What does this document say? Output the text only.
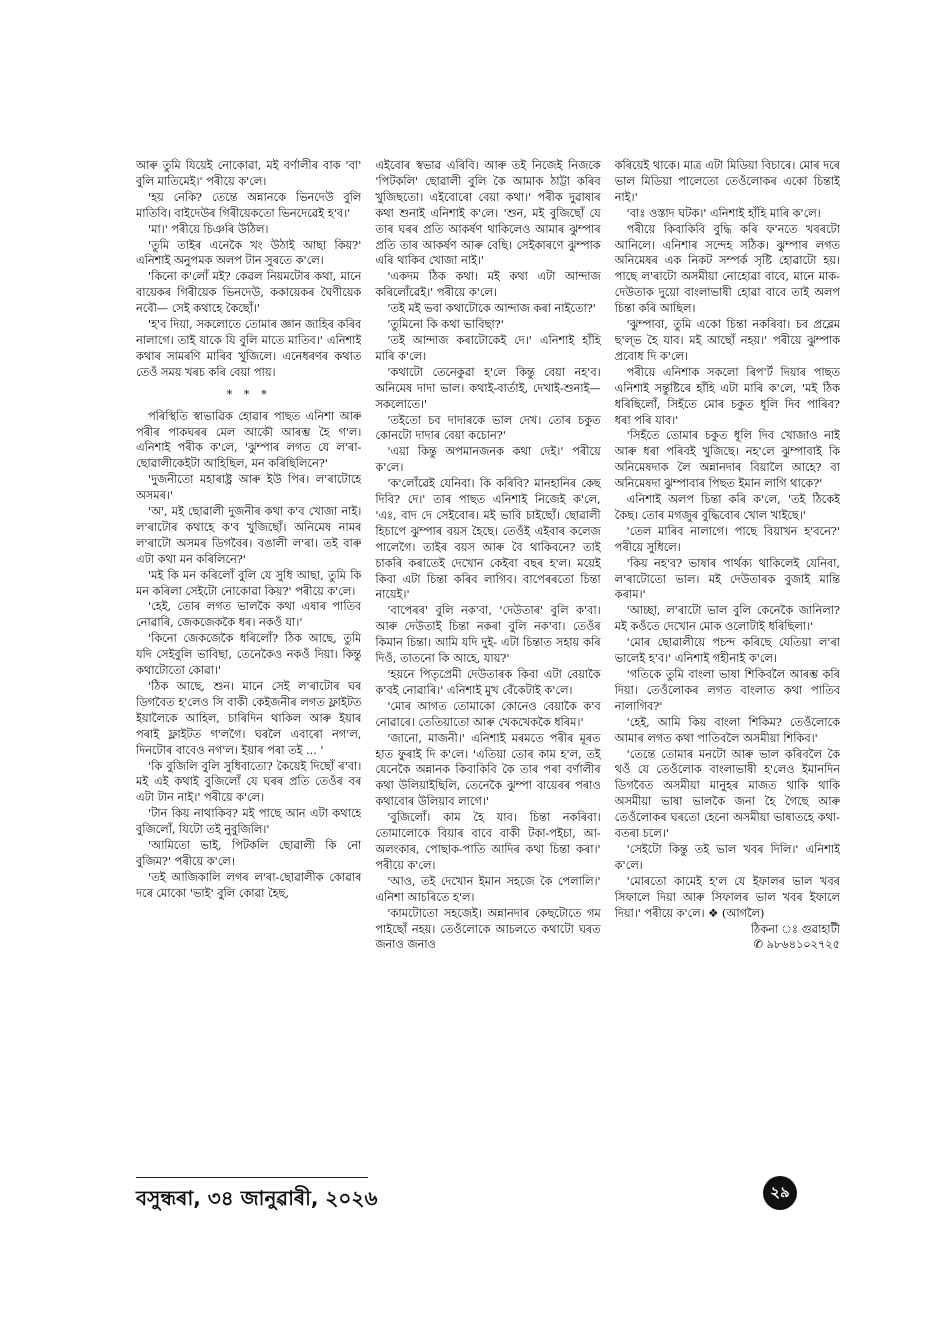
আৰু তুমি যিয়েই নোকোৱা, মই বৰ্ণালীৰ বাক 'বা' বুলি মাতিমেই।' পৰীয়ে ক'লে।

'হয় নেকি? তেন্তে অন্নানকে ভিনদেউ বুলি মাতিবি। বাইদেউৰ গিৰীয়েকতো ভিনদেৱেই হ'ব।'

'মা।' পৰীয়ে চিঞৰি উঠিল।

'তুমি তাইৰ এনেকৈ খং উঠাই আছা কিয়?' এনিশাই অনুপমক অলপ টান সুৰতে ক'লে।

'কিনো ক'লোঁ মই? কেৱল নিয়মটোৰ কথা, মানে বায়েকৰ গিৰীয়েক ভিনদেউ, ককায়েকৰ ঘৈণীয়েক নবৌ— সেই কথাহে কৈছোঁ।'

'হ'ব দিয়া, সকলোতে তোমাৰ জ্ঞান জাহিৰ কৰিব নালাগে। তাই যাকে যি বুলি মাতে মাতিব।' এনিশাই কথাৰ সামৰণি মাৰিব খুজিলে। এনেধৰণৰ কথাত তেওঁ সময় খৰচ কৰি বেয়া পায়।

* * *

পৰিস্থিতি স্বাভাৱিক হোৱাৰ পাছত এনিশা আৰু পৰীৰ পাকঘৰৰ মেল আকৌ আৰম্ভ হৈ গ'ল। এনিশাই পৰীক ক'লে, 'ঝুম্পাৰ লগত যে ল'ৰা-ছোৱালীকেইটা আহিছিল, মন কৰিছিলিনে?'

'দুজনীতো মহাৰাষ্ট্ৰ আৰু ইউ পিৰ। ল'ৰাটোহে অসমৰ।'

'অ', মই ছোৱালী দুজনীৰ কথা ক'ব খোজা নাই। ল'ৰাটোৰ কথাহে ক'ব খুজিছোঁ। অনিমেষ নামৰ ল'ৰাটো অসমৰ ডিগবৈৰ। বঙালী ল'ৰা। তই বাৰু এটা কথা মন কৰিলিনে?'

'মই কি মন কৰিলোঁ বুলি যে সুধি আছা, তুমি কি মন কৰিলা সেইটো নোকোৱা কিয়?' পৰীয়ে ক'লে।

'হেই, তোৰ লগত ভালকৈ কথা এষাৰ পাতিব নোৱাৰি, জেকজেককৈ ধৰ। নকওঁ যা।'

'কিনো জেকজেকৈ ধৰিলোঁ? ঠিক আছে, তুমি যদি সেইবুলি ভাবিছা, তেনেকৈও নকওঁ দিয়া। কিন্তু কথাটোতো কোৱা।'

'ঠিক আছে, শুন। মানে সেই ল'ৰাটোৰ ঘৰ ডিগবৈত হ'লেও সি বাকী কেইজনীৰ লগত ফ্লাইটত ইয়ালৈকে আহিল, চাৰিদিন থাকিল আৰু ইয়াৰ পৰাই ফ্লাইটত গ'লগৈ। ঘৰলৈ এবাৰো নগ'ল, দিনটোৰ বাবেও নগ'ল। ইয়াৰ পৰা তই ... '

'কি বুজিলি বুলি সুধিবাতো? কৈয়েই দিছোঁ ৰ'বা। মই এই কথাই বুজিলোঁ যে ঘৰৰ প্ৰতি তেওঁৰ বৰ এটা টান নাই।' পৰীয়ে ক'লে।

'টান কিয় নাথাকিব? মই পাছে আন এটা কথাহে বুজিলোঁ, যিটো তই নুবুজিলি।'

'আমিতো ভাই, পিটকলি ছোৱালী কি নো বুজিম?' পৰীয়ে ক'লে।

'তই আজিকালি লগৰ ল'ৰা-ছোৱালীক কোৱাৰ দৰে মোকো 'ভাই' বুলি কোৱা হৈছ,

এইবোৰ স্বভাৱ এৰিবি। আৰু তই নিজেই নিজকে 'পিটকলি' ছোৱালী বুলি কৈ আমাক ঠাট্টা কৰিব খুজিছতো। এইবোৰো বেয়া কথা।' পৰীক দুৱাষাৰ কথা শুনাই এনিশাই ক'লে। 'শুন, মই বুজিছোঁ যে তাৰ ঘৰৰ প্ৰতি আকৰ্ষণ থাকিলেও আমাৰ ঝুম্পাৰ প্ৰতি তাৰ আকৰ্ষণ আৰু বেছি। সেইকাৰণে ঝুম্পাক এৰি থাকিব খোজা নাই।'

'একদম ঠিক কথা। মই কথা এটা আন্দাজ কৰিলোঁৱেই।' পৰীয়ে ক'লে।

'তই মই ভবা কথাটোকে আন্দাজ কৰা নাইতো?'

'তুমিনো কি কথা ভাবিছা?'

'তই আন্দাজ কৰাটোকেই দে।' এনিশাই হাঁহি মাৰি ক'লে।

'কথাটো তেনেকুৱা হ'লে কিন্তু বেয়া নহ'ব। অনিমেষ দাদা ভাল। কথাই-বাৰ্তাই, দেখাই-শুনাই— সকলোতে।'

'তইতো চব দাদাৰকে ভাল দেখ। তোৰ চকুত কোনটো দাদাৰ বেয়া কচোন?'

'এয়া কিন্তু অপমানজনক কথা দেই।' পৰীয়ে ক'লে।

'ক'লোঁৱেই যেনিবা। কি কৰিবি? মানহানিৰ কেছ দিবি? দে।' তাৰ পাছত এনিশাই নিজেই ক'লে, 'এঃ, বাদ দে সেইবোৰ। মই ভাবি চাইছোঁ। ছোৱালী হিচাপে ঝুম্পাৰ বয়স হৈছে। তেওঁই এইবাৰ কলেজ পালেগৈ। তাইৰ বয়স আৰু বৈ থাকিবনে? তাই চাকৰি কৰাতেই দেখোন কেইবা বছৰ হ'ল। ময়েই কিবা এটা চিন্তা কৰিব লাগিব। বাপেৰৰতো চিন্তা নায়েই।'

'বাপেৰৰ' বুলি নক'বা, 'দেউতাৰ' বুলি ক'বা। আৰু দেউতাই চিন্তা নকৰা বুলি নক'বা। তেওঁৰ কিমান চিন্তা। আমি যদি দুই- এটা চিন্তাত সহায় কৰি দিওঁ, তাতনো কি আহে, যায়?'

'হয়নে পিতৃপ্ৰেমী দেউতাৰক কিবা এটা বেয়াকৈ ক'বই নোৱাৰি।' এনিশাই মুখ বেঁকেটাই ক'লে।

'মোৰ আগত তোমাকো কোনেও বেয়াকৈ ক'ব নোৱাৰে। তেতিয়াতো আৰু খেকখেককৈ ধৰিম।'

'জানো, মাজনী।' এনিশাই মৰমতে পৰীৰ মূৰত হাত ফুৰাই দি ক'লে। 'এতিয়া তোৰ কাম হ'ল, তই যেনেকৈ অন্নানক কিবাকিবি কৈ তাৰ পৰা বৰ্ণালীৰ কথা উলিয়াইছিলি, তেনেকৈ ঝুম্পা বায়েৰৰ পৰাও কথাবোৰ উলিয়াব লাগে।'

'বুজিলোঁ। কাম হৈ যাব। চিন্তা নকৰিবা। তোমালোকে বিয়াৰ বাবে বাকী টকা-পইচা, আ-অলংকাৰ, পোছাক-পাতি আদিৰ কথা চিন্তা কৰা।' পৰীয়ে ক'লে।

'আও, তই দেখোন ইমান সহজে কৈ পেলালি।' এনিশা আচৰিতে হ'ল।

'কামটোতো সহজেই। অন্নানদাৰ কেছটোতে গম পাইছোঁ নহয়। তেওঁলোকে আচলতে কথাটো ঘৰত জনাও জনাও

কৰিয়েই থাকে। মাত্ৰ এটা মিডিয়া বিচাৰে। মোৰ দৰে ভাল মিডিয়া পালেতো তেওঁলোকৰ একো চিন্তাই নাই।'

'বাঃ ওস্তাদ ঘটক।' এনিশাই হাঁহি মাৰি ক'লে।

পৰীয়ে কিবাকিবি বুদ্ধি কৰি ফ'নতে খবৰটো আনিলে। এনিশাৰ সন্দেহ সঠিক। ঝুম্পাৰ লগত অনিমেষৰ এক নিকট সম্পৰ্ক সৃষ্টি হোৱাটো হয়। পাছে ল'ৰাটো অসমীয়া নোহোৱা বাবে, মানে মাক-দেউতাক দুয়ো বাংলাভাষী হোৱা বাবে তাই অলপ চিন্তা কৰি আছিল।

'ঝুম্পাবা, তুমি একো চিন্তা নকৰিবা। চব প্ৰব্লেম ছ'ল্ভ হৈ যাব। মই আছোঁ নহয়।' পৰীয়ে ঝুম্পাক প্ৰবোধ দি ক'লে।

পৰীয়ে এনিশাক সকলো ৰিপ'ৰ্ট দিয়াৰ পাছত এনিশাই সন্তুষ্টিৰে হাঁহি এটা মাৰি ক'লে, 'মই ঠিক ধৰিছিলোঁ, সিহঁতে মোৰ চকুত ধূলি দিব পাৰিব? ধৰা পৰি যাব।'

'সিহঁতে তোমাৰ চকুত ধূলি দিব খোজাও নাই আৰু ধৰা পৰিবই খুজিছে। নহ'লে ঝুম্পাবাই কি অনিমেষদাক লৈ অন্নানদাৰ বিয়ালৈ আহে? বা অনিমেষদা ঝুম্পাবাৰ পিছত ইমান লাগি থাকে?'

এনিশাই অলপ চিন্তা কৰি ক'লে, 'তই ঠিকেই কৈছ। তোৰ মগজুৰ বুদ্ধিবোৰ খোল খাইছে।'

'তেল মাৰিব নালাগে। পাছে বিয়াখন হ'বনে?' পৰীয়ে সুধিলে।

'কিয় নহ'ব? ভাষাৰ পাৰ্থক্য থাকিলেই যেনিবা, ল'ৰাটোতো ভাল। মই দেউতাৰক বুজাই মান্তি কৰাম।'

'আচ্ছা, ল'ৰাটো ভাল বুলি কেনেকৈ জানিলা? মই কওঁতে দেখোন মোক ওলোটাই ধৰিছিলা।'

'মোৰ ছোৱালীয়ে পচন্দ কৰিছে যেতিয়া ল'ৰা ভালেই হ'ব।' এনিশাই গহীনাই ক'লে।

'গতিকে তুমি বাংলা ভাষা শিকিবলৈ আৰম্ভ কৰি দিয়া। তেওঁলোকৰ লগত বাংলাত কথা পাতিব নালাগিব?'

'হেই, আমি কিয় বাংলা শিকিম? তেওঁলোকে আমাৰ লগত কথা পাতিবলৈ অসমীয়া শিকিব।'

'তেন্তে তোমাৰ মনটো আৰু ভাল কৰিবলৈ কৈ থওঁ যে তেওঁলোক বাংলাভাষী হ'লেও ইমানদিন ডিগবৈত অসমীয়া মানুহৰ মাজত থাকি থাকি অসমীয়া ভাষা ভালকৈ জনা হৈ গৈছে আৰু তেওঁলোকৰ ঘৰতো হেনো অসমীয়া ভাষাতহে কথা-বতৰা চলে।'

'সেইটো কিন্তু তই ভাল খবৰ দিলি।' এনিশাই ক'লে।

'মোৰতো কামেই হ'ল যে ইফালৰ ভাল খবৰ সিফালে দিয়া আৰু সিফালৰ ভাল খবৰ ইফালে দিয়া।' পৰীয়ে ক'লে। ❖ (আগলৈ)

ঠিকনা ঃ গুৱাহাটী

✆ ৯৮৬৪১০২৭২৫

বসুন্ধৰা, ৩৪ জানুৱাৰী, ২০২৬	২৯
